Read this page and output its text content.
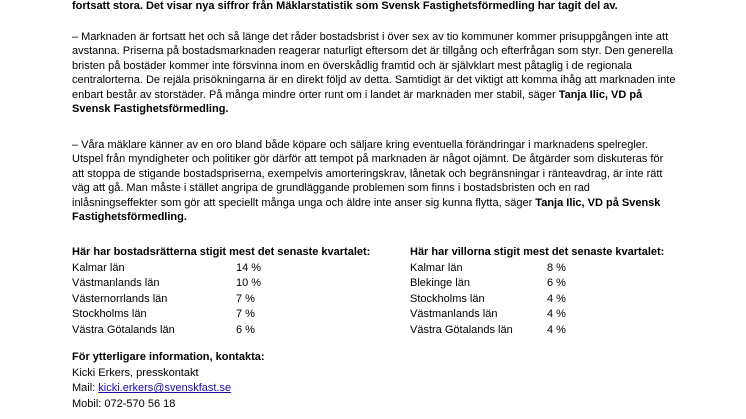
fortsatt stora. Det visar nya siffror från Mäklarstatistik som Svensk Fastighetsförmedling har tagit del av.

– Marknaden är fortsatt het och så länge det råder bostadsbrist i över sex av tio kommuner kommer prisuppgången inte att avstanna. Priserna på bostadsmarknaden reagerar naturligt eftersom det är tillgång och efterfrågan som styr. Den generella bristen på bostäder kommer inte försvinna inom en överskådlig framtid och är självklart mest påtaglig i de regionala centralorterna. De rejäla prisökningarna är en direkt följd av detta. Samtidigt är det viktigt att komma ihåg att marknaden inte enbart består av storstäder. På många mindre orter runt om i landet är marknaden mer stabil, säger Tanja Ilic, VD på Svensk Fastighetsförmedling.

– Våra mäklare känner av en oro bland både köpare och säljare kring eventuella förändringar i marknadens spelregler. Utspel från myndigheter och politiker gör därför att tempot på marknaden är något ojämnt. De åtgärder som diskuteras för att stoppa de stigande bostadspriserna, exempelvis amorteringskrav, lånetak och begränsningar i ränteavdrag, är inte rätt väg att gå. Man måste i stället angripa de grundläggande problemen som finns i bostadsbristen och en rad inlåsningseffekter som gör att speciellt många unga och äldre inte anser sig kunna flytta, säger Tanja Ilic, VD på Svensk Fastighetsförmedling.

Här har bostadsrätterna stigit mest det senaste kvartalet:
Kalmar län	14 %
Västmanlands län	10 %
Västernorrlands län	7 %
Stockholms län	7 %
Västra Götalands län	6 %
Här har villorna stigit mest det senaste kvartalet:
Kalmar län	8 %
Blekinge län	6 %
Stockholms län	4 %
Västmanlands län	4 %
Västra Götalands län	4 %
För ytterligare information, kontakta:
Kicki Erkers, presskontakt
Mail: kicki.erkers@svenskfast.se
Mobil: 072-570 56 18
